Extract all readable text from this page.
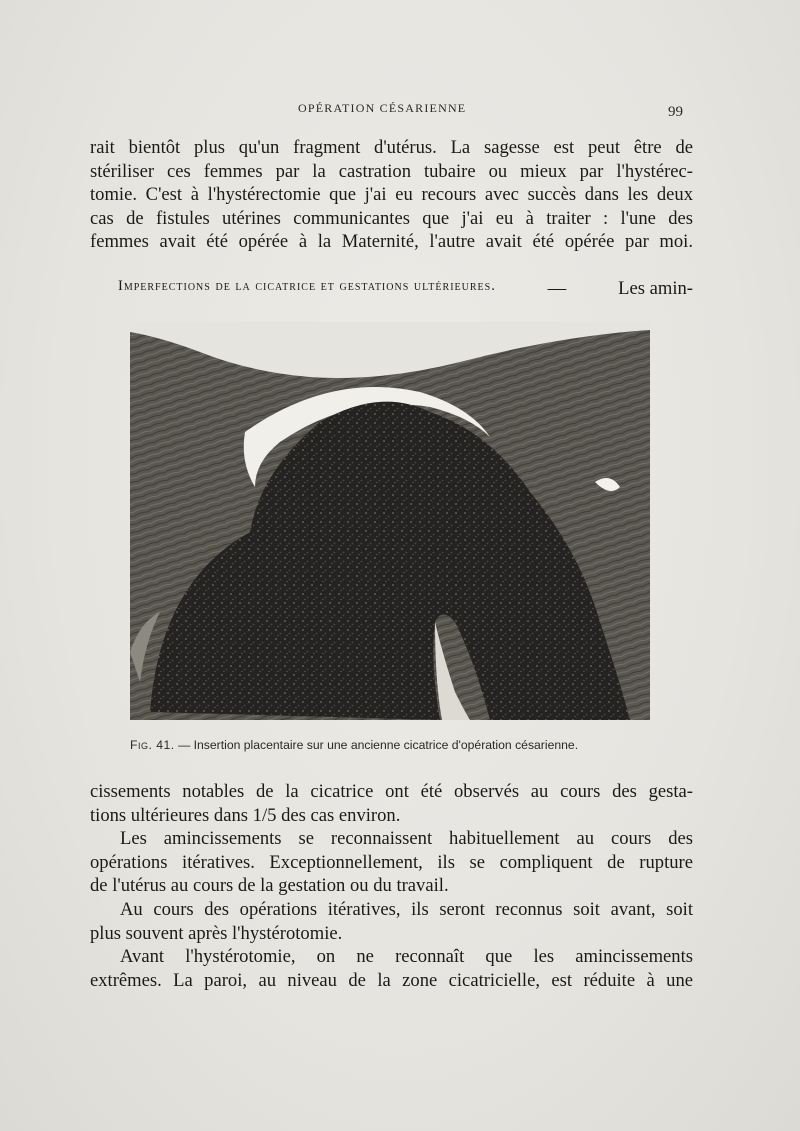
OPÉRATION CÉSARIENNE	99
rait bientôt plus qu'un fragment d'utérus. La sagesse est peut être de
stériliser ces femmes par la castration tubaire ou mieux par l'hystérec-
tomie. C'est à l'hystérectomie que j'ai eu recours avec succès dans les deux
cas de fistules utérines communicantes que j'ai eu à traiter : l'une des
femmes avait été opérée à la Maternité, l'autre avait été opérée par moi.
Imperfections de la cicatrice et gestations ultérieures.	—	Les amin-
Fig. 41. — Insertion placentaire sur une ancienne cicatrice d'opération césarienne.
cissements notables de la cicatrice ont été observés au cours des gesta-
tions ultérieures dans 1/5 des cas environ.
Les amincissements se reconnaissent habituellement au cours des
opérations itératives. Exceptionnellement, ils se compliquent de rupture
de l'utérus au cours de la gestation ou du travail.
Au cours des opérations itératives, ils seront reconnus soit avant, soit
plus souvent après l'hystérotomie.
Avant l'hystérotomie, on ne reconnaît que les amincissements
extrêmes. La paroi, au niveau de la zone cicatricielle, est réduite à une
